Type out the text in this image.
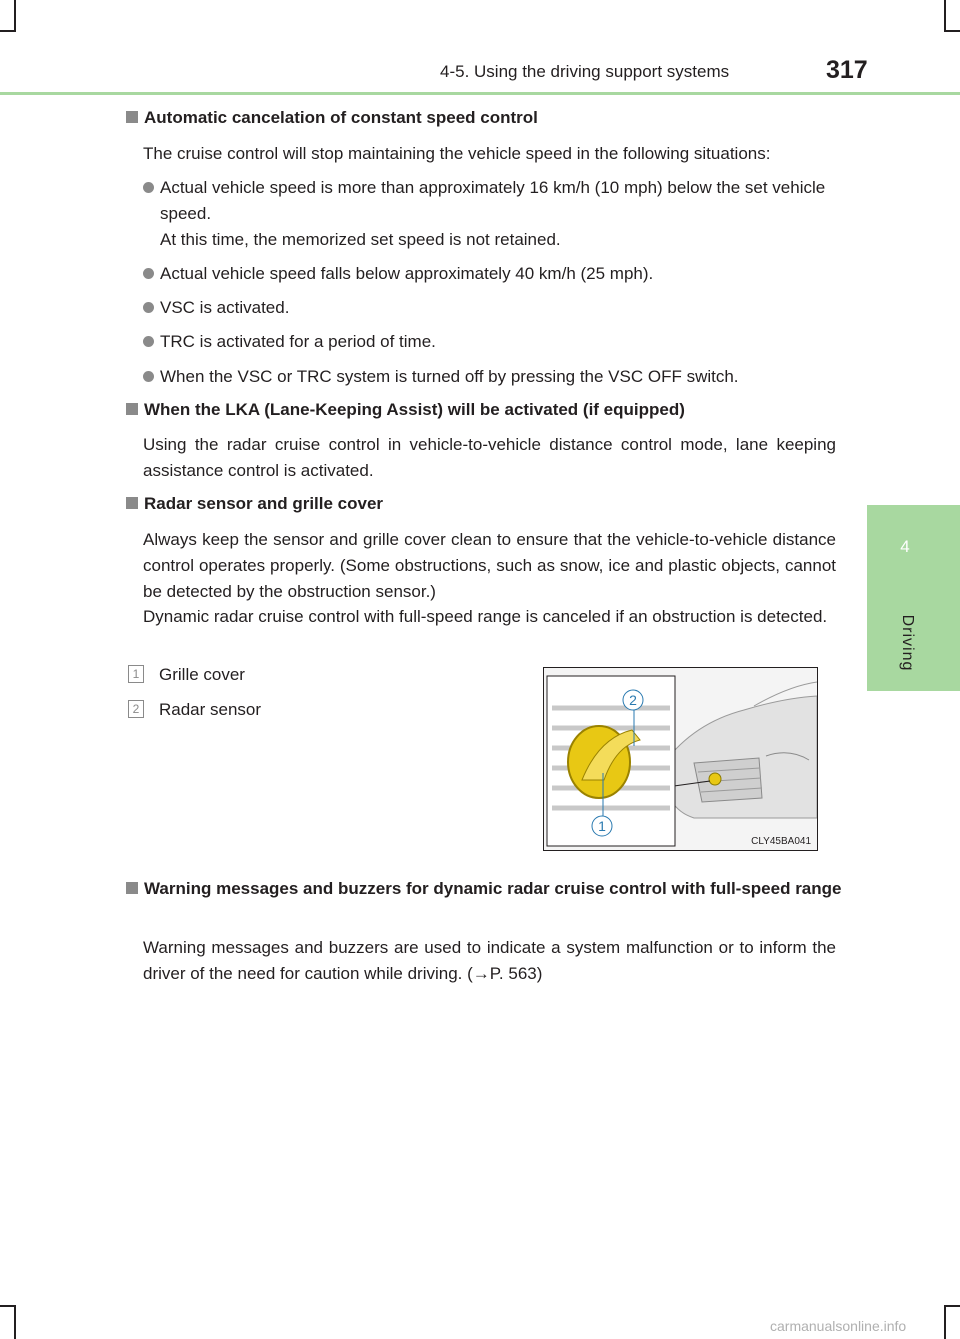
4-5. Using the driving support systems	317
4
Driving
Automatic cancelation of constant speed control
The cruise control will stop maintaining the vehicle speed in the following situations:
Actual vehicle speed is more than approximately 16 km/h (10 mph) below the set vehicle speed.
At this time, the memorized set speed is not retained.
Actual vehicle speed falls below approximately 40 km/h (25 mph).
VSC is activated.
TRC is activated for a period of time.
When the VSC or TRC system is turned off by pressing the VSC OFF switch.
When the LKA (Lane-Keeping Assist) will be activated (if equipped)
Using the radar cruise control in vehicle-to-vehicle distance control mode, lane keeping assistance control is activated.
Radar sensor and grille cover
Always keep the sensor and grille cover clean to ensure that the vehicle-to-vehicle distance control operates properly. (Some obstructions, such as snow, ice and plastic objects, cannot be detected by the obstruction sensor.)
Dynamic radar cruise control with full-speed range is canceled if an obstruction is detected.
1 Grille cover
2 Radar sensor	2
1
CLY45BA041
Warning messages and buzzers for dynamic radar cruise control with full-speed range
Warning messages and buzzers are used to indicate a system malfunction or to inform the driver of the need for caution while driving. (→P. 563)
carmanualsonline.info
